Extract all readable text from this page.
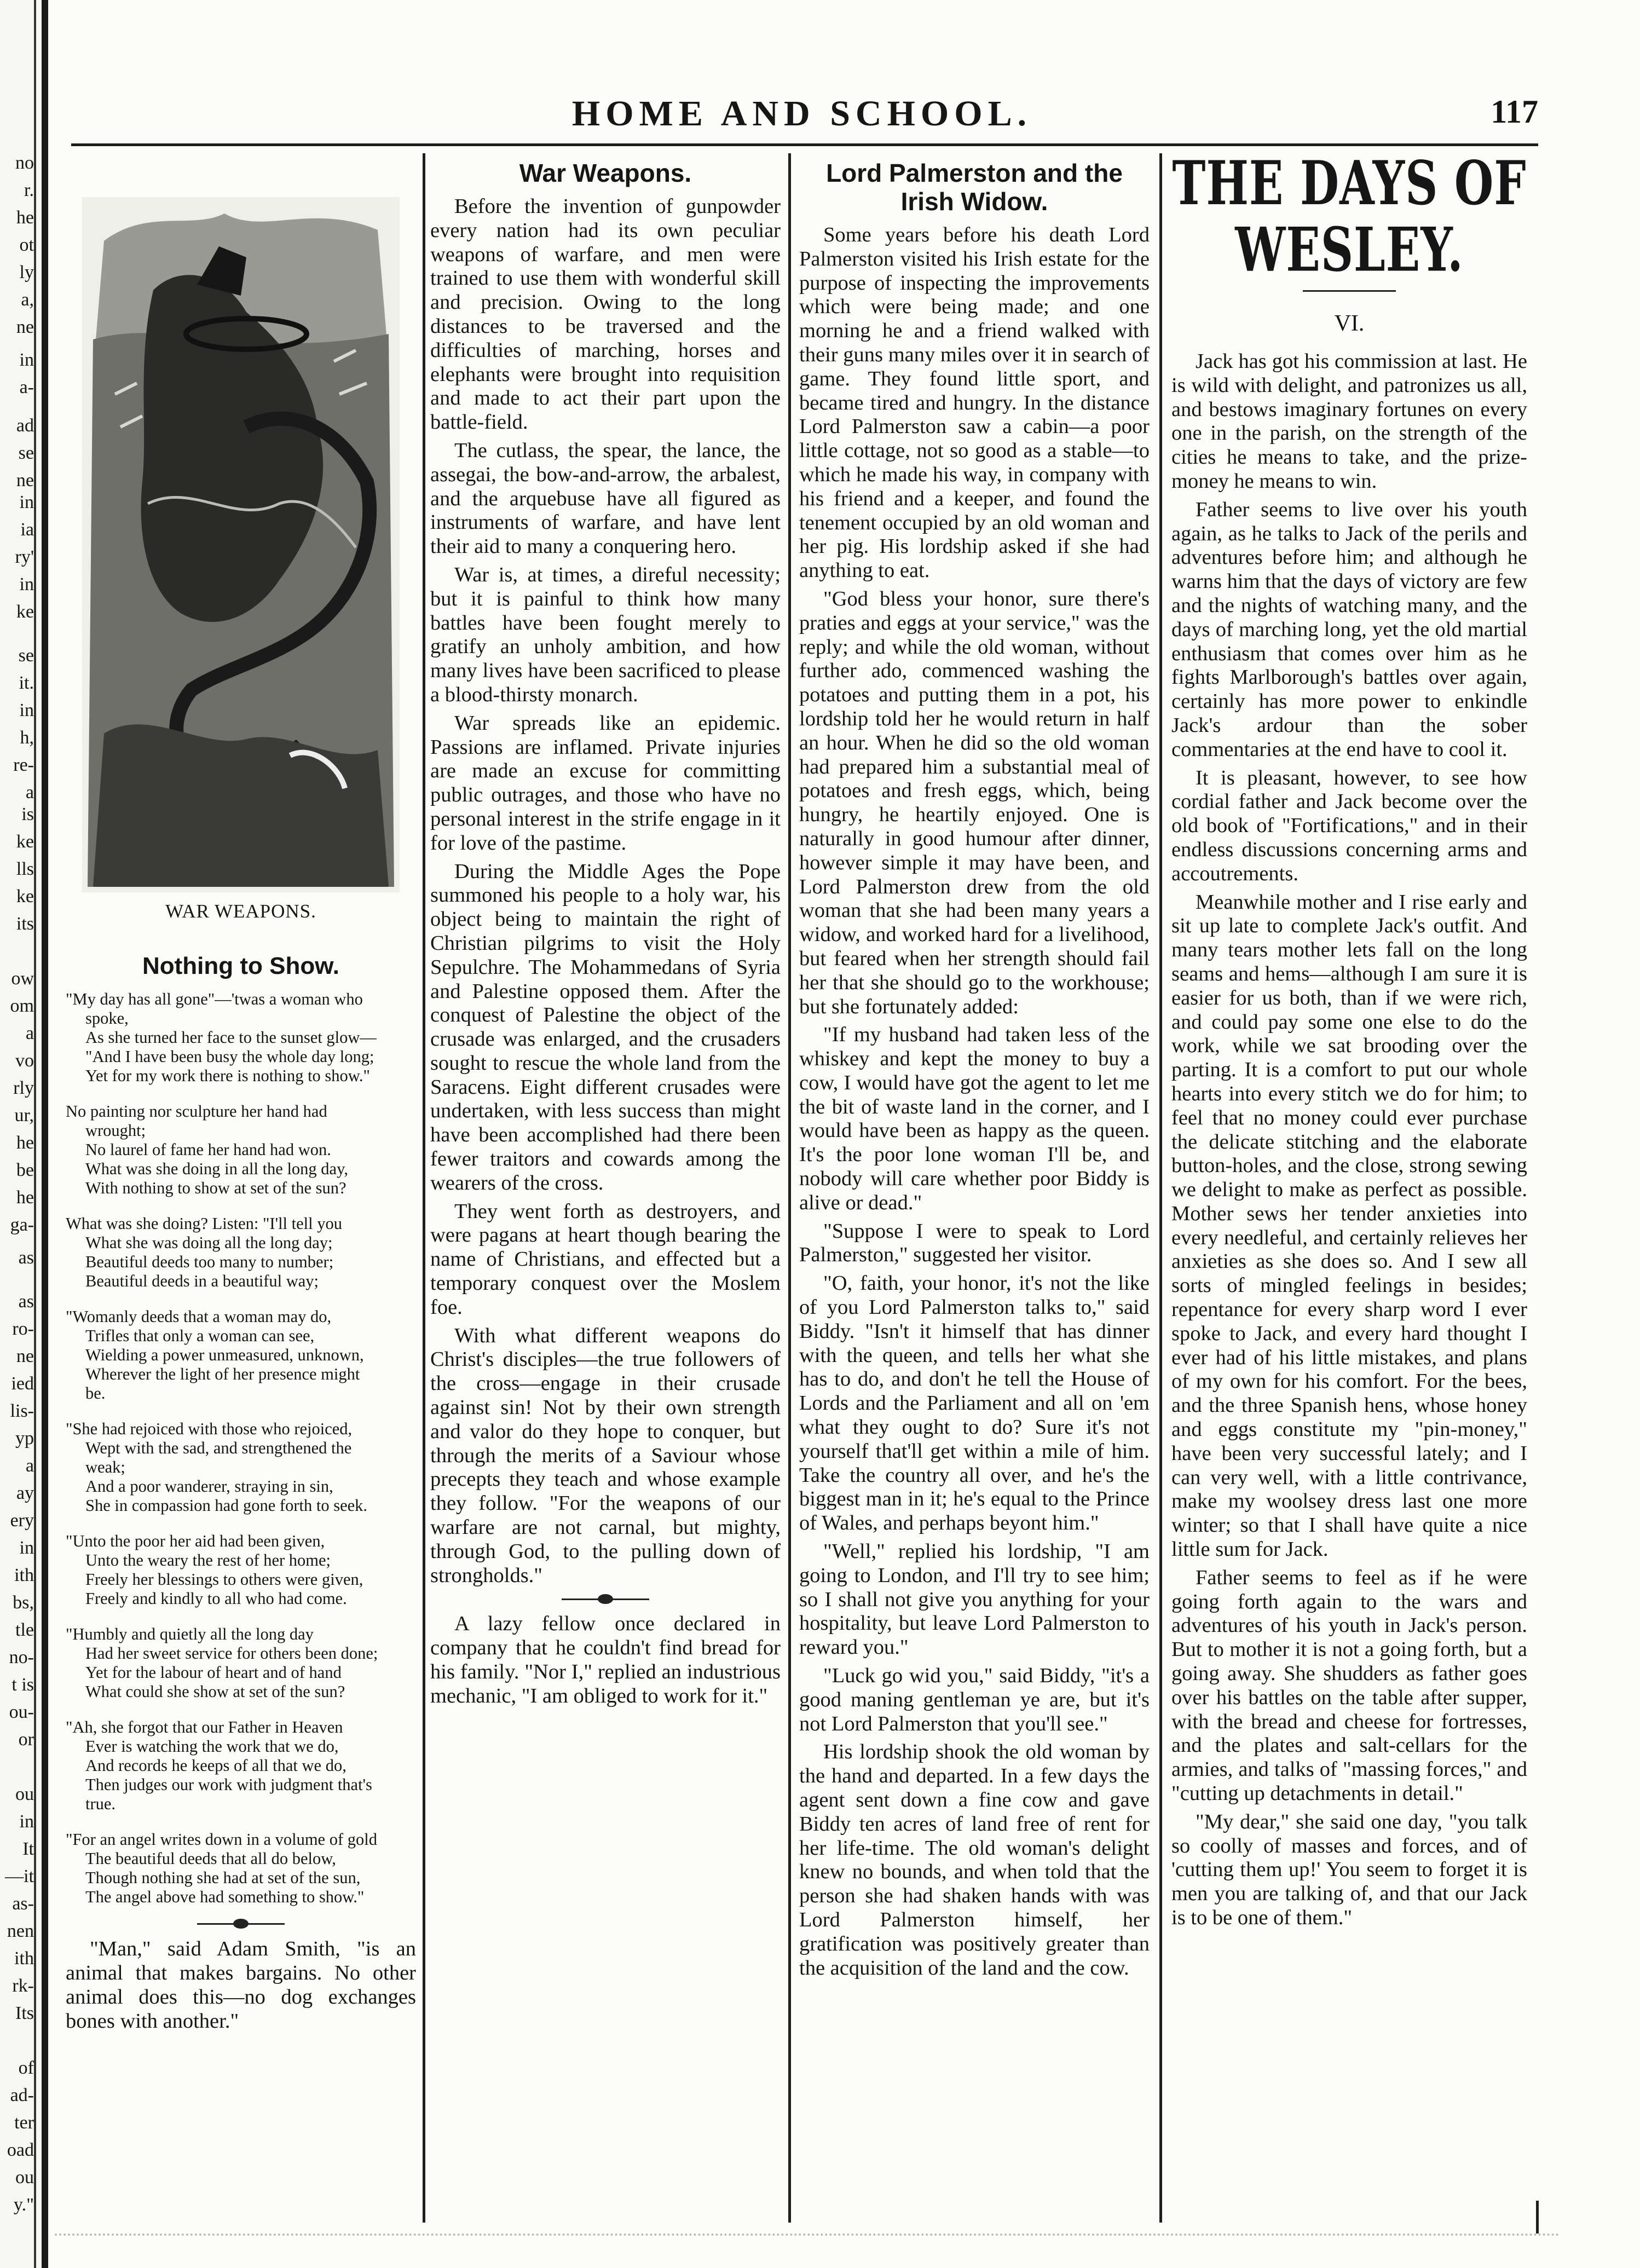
no
r.
he
ot
ly
a,
ne
in
a-
ad
se
ne
in
ia
ry'
in
ke
se
it.
in
h,
re-
a
is
ke
lls
ke
its
ow
om
a
vo
rly
ur,
he
be
he
ga-
as
as
ro-
ne
ied
lis-
yp
a
ay
ery
in
ith
bs,
tle
no-
t is
ou-
or
ou
in
It
—it
as-
nen
ith
rk-
Its
of
ad-
ter
oad
ou
y."
HOME AND SCHOOL.	117
WAR WEAPONS.
Nothing to Show.
"My day has all gone"—'twas a woman who
spoke,
As she turned her face to the sunset glow—
"And I have been busy the whole day long;
Yet for my work there is nothing to show."
No painting nor sculpture her hand had
wrought;
No laurel of fame her hand had won.
What was she doing in all the long day,
With nothing to show at set of the sun?
What was she doing? Listen: "I'll tell you
What she was doing all the long day;
Beautiful deeds too many to number;
Beautiful deeds in a beautiful way;
"Womanly deeds that a woman may do,
Trifles that only a woman can see,
Wielding a power unmeasured, unknown,
Wherever the light of her presence might
be.
"She had rejoiced with those who rejoiced,
Wept with the sad, and strengthened the
weak;
And a poor wanderer, straying in sin,
She in compassion had gone forth to seek.
"Unto the poor her aid had been given,
Unto the weary the rest of her home;
Freely her blessings to others were given,
Freely and kindly to all who had come.
"Humbly and quietly all the long day
Had her sweet service for others been done;
Yet for the labour of heart and of hand
What could she show at set of the sun?
"Ah, she forgot that our Father in Heaven
Ever is watching the work that we do,
And records he keeps of all that we do,
Then judges our work with judgment that's
true.
"For an angel writes down in a volume of gold
The beautiful deeds that all do below,
Though nothing she had at set of the sun,
The angel above had something to show."

"Man," said Adam Smith, "is an animal that makes bargains. No other animal does this—no dog exchanges bones with another."

War Weapons.

Before the invention of gunpowder every nation had its own peculiar weapons of warfare, and men were trained to use them with wonderful skill and precision. Owing to the long distances to be traversed and the difficulties of marching, horses and elephants were brought into requisition and made to act their part upon the battle-field.

The cutlass, the spear, the lance, the assegai, the bow-and-arrow, the arbalest, and the arquebuse have all figured as instruments of warfare, and have lent their aid to many a conquering hero.

War is, at times, a direful necessity; but it is painful to think how many battles have been fought merely to gratify an unholy ambition, and how many lives have been sacrificed to please a blood-thirsty monarch.

War spreads like an epidemic. Passions are inflamed. Private injuries are made an excuse for committing public outrages, and those who have no personal interest in the strife engage in it for love of the pastime.

During the Middle Ages the Pope summoned his people to a holy war, his object being to maintain the right of Christian pilgrims to visit the Holy Sepulchre. The Mohammedans of Syria and Palestine opposed them. After the conquest of Palestine the object of the crusade was enlarged, and the crusaders sought to rescue the whole land from the Saracens. Eight different crusades were undertaken, with less success than might have been accomplished had there been fewer traitors and cowards among the wearers of the cross.

They went forth as destroyers, and were pagans at heart though bearing the name of Christians, and effected but a temporary conquest over the Moslem foe.

With what different weapons do Christ's disciples—the true followers of the cross—engage in their crusade against sin! Not by their own strength and valor do they hope to conquer, but through the merits of a Saviour whose precepts they teach and whose example they follow. "For the weapons of our warfare are not carnal, but mighty, through God, to the pulling down of strongholds."

A lazy fellow once declared in company that he couldn't find bread for his family. "Nor I," replied an industrious mechanic, "I am obliged to work for it."

Lord Palmerston and the Irish Widow.

Some years before his death Lord Palmerston visited his Irish estate for the purpose of inspecting the improvements which were being made; and one morning he and a friend walked with their guns many miles over it in search of game. They found little sport, and became tired and hungry. In the distance Lord Palmerston saw a cabin—a poor little cottage, not so good as a stable—to which he made his way, in company with his friend and a keeper, and found the tenement occupied by an old woman and her pig. His lordship asked if she had anything to eat.

"God bless your honor, sure there's praties and eggs at your service," was the reply; and while the old woman, without further ado, commenced washing the potatoes and putting them in a pot, his lordship told her he would return in half an hour. When he did so the old woman had prepared him a substantial meal of potatoes and fresh eggs, which, being hungry, he heartily enjoyed. One is naturally in good humour after dinner, however simple it may have been, and Lord Palmerston drew from the old woman that she had been many years a widow, and worked hard for a livelihood, but feared when her strength should fail her that she should go to the workhouse; but she fortunately added:

"If my husband had taken less of the whiskey and kept the money to buy a cow, I would have got the agent to let me the bit of waste land in the corner, and I would have been as happy as the queen. It's the poor lone woman I'll be, and nobody will care whether poor Biddy is alive or dead."

"Suppose I were to speak to Lord Palmerston," suggested her visitor.

"O, faith, your honor, it's not the like of you Lord Palmerston talks to," said Biddy. "Isn't it himself that has dinner with the queen, and tells her what she has to do, and don't he tell the House of Lords and the Parliament and all on 'em what they ought to do? Sure it's not yourself that'll get within a mile of him. Take the country all over, and he's the biggest man in it; he's equal to the Prince of Wales, and perhaps beyont him."

"Well," replied his lordship, "I am going to London, and I'll try to see him; so I shall not give you anything for your hospitality, but leave Lord Palmerston to reward you."

"Luck go wid you," said Biddy, "it's a good maning gentleman ye are, but it's not Lord Palmerston that you'll see."

His lordship shook the old woman by the hand and departed. In a few days the agent sent down a fine cow and gave Biddy ten acres of land free of rent for her life-time. The old woman's delight knew no bounds, and when told that the person she had shaken hands with was Lord Palmerston himself, her gratification was positively greater than the acquisition of the land and the cow.

THE DAYS OF WESLEY.
VI.

Jack has got his commission at last. He is wild with delight, and patronizes us all, and bestows imaginary fortunes on every one in the parish, on the strength of the cities he means to take, and the prize-money he means to win.

Father seems to live over his youth again, as he talks to Jack of the perils and adventures before him; and although he warns him that the days of victory are few and the nights of watching many, and the days of marching long, yet the old martial enthusiasm that comes over him as he fights Marlborough's battles over again, certainly has more power to enkindle Jack's ardour than the sober commentaries at the end have to cool it.

It is pleasant, however, to see how cordial father and Jack become over the old book of "Fortifications," and in their endless discussions concerning arms and accoutrements.

Meanwhile mother and I rise early and sit up late to complete Jack's outfit. And many tears mother lets fall on the long seams and hems—although I am sure it is easier for us both, than if we were rich, and could pay some one else to do the work, while we sat brooding over the parting. It is a comfort to put our whole hearts into every stitch we do for him; to feel that no money could ever purchase the delicate stitching and the elaborate button-holes, and the close, strong sewing we delight to make as perfect as possible. Mother sews her tender anxieties into every needleful, and certainly relieves her anxieties as she does so. And I sew all sorts of mingled feelings in besides; repentance for every sharp word I ever spoke to Jack, and every hard thought I ever had of his little mistakes, and plans of my own for his comfort. For the bees, and the three Spanish hens, whose honey and eggs constitute my "pin-money," have been very successful lately; and I can very well, with a little contrivance, make my woolsey dress last one more winter; so that I shall have quite a nice little sum for Jack.

Father seems to feel as if he were going forth again to the wars and adventures of his youth in Jack's person. But to mother it is not a going forth, but a going away. She shudders as father goes over his battles on the table after supper, with the bread and cheese for fortresses, and the plates and salt-cellars for the armies, and talks of "massing forces," and "cutting up detachments in detail."

"My dear," she said one day, "you talk so coolly of masses and forces, and of 'cutting them up!' You seem to forget it is men you are talking of, and that our Jack is to be one of them."
